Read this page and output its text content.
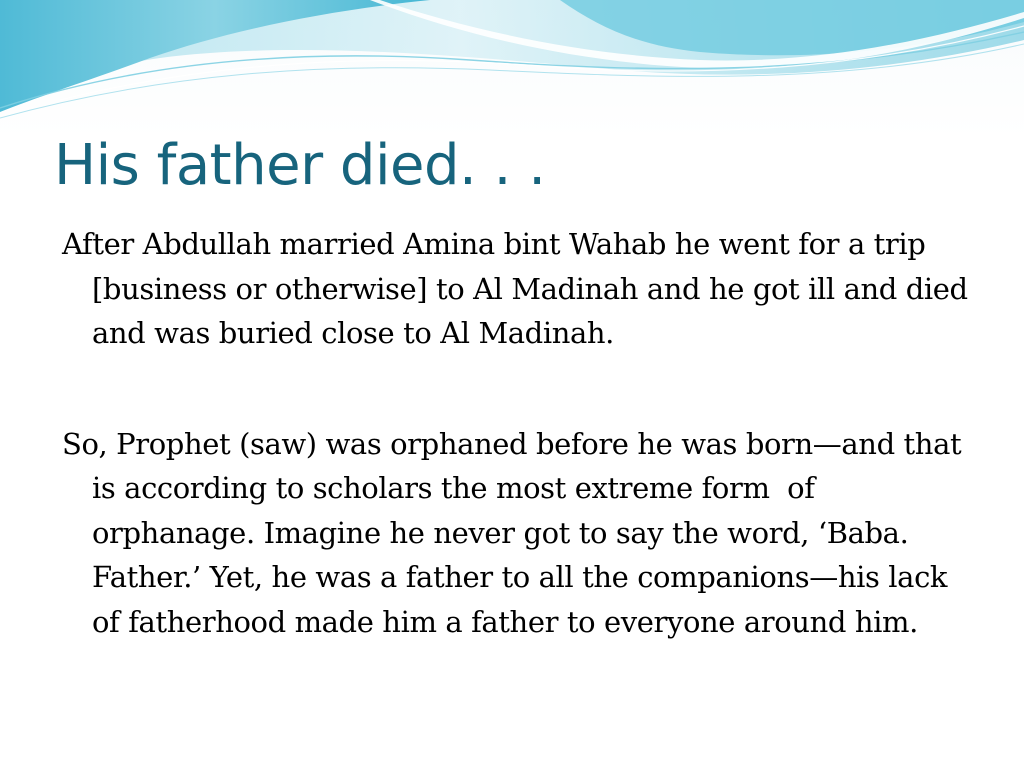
His father died. . .

After Abdullah married Amina bint Wahab he went for a trip [business or otherwise] to Al Madinah and he got ill and died and was buried close to Al Madinah.

So, Prophet (saw) was orphaned before he was born—and that is according to scholars the most extreme form  of orphanage. Imagine he never got to say the word, ‘Baba. Father.’ Yet, he was a father to all the companions—his lack of fatherhood made him a father to everyone around him.
